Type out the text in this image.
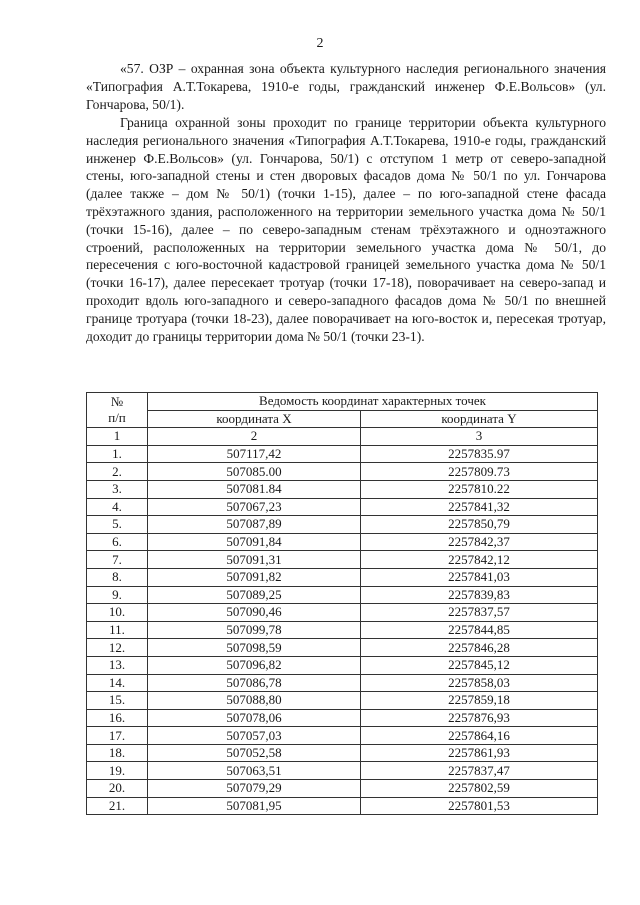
2

«57. ОЗР – охранная зона объекта культурного наследия регионального значения «Типография А.Т.Токарева, 1910-е годы, гражданский инженер Ф.Е.Вольсов» (ул. Гончарова, 50/1).

Граница охранной зоны проходит по границе территории объекта культурного наследия регионального значения «Типография А.Т.Токарева, 1910-е годы, гражданский инженер Ф.Е.Вольсов» (ул. Гончарова, 50/1) с отступом 1 метр от северо-западной стены, юго-западной стены и стен дворовых фасадов дома № 50/1 по ул. Гончарова (далее также – дом № 50/1) (точки 1-15), далее – по юго-западной стене фасада трёхэтажного здания, расположенного на территории земельного участка дома № 50/1 (точки 15-16), далее – по северо-западным стенам трёхэтажного и одноэтажного строений, расположенных на территории земельного участка дома № 50/1, до пересечения с юго-восточной кадастровой границей земельного участка дома № 50/1 (точки 16-17), далее пересекает тротуар (точки 17-18), поворачивает на северо-запад и проходит вдоль юго-западного и северо-западного фасадов дома № 50/1 по внешней границе тротуара (точки 18-23), далее поворачивает на юго-восток и, пересекая тротуар, доходит до границы территории дома № 50/1 (точки 23-1).

№
п/п	Ведомость координат характерных точек	
	координата X	координата Y
1	2	3
1.	507117,42	2257835.97
2.	507085.00	2257809.73
3.	507081.84	2257810.22
4.	507067,23	2257841,32
5.	507087,89	2257850,79
6.	507091,84	2257842,37
7.	507091,31	2257842,12
8.	507091,82	2257841,03
9.	507089,25	2257839,83
10.	507090,46	2257837,57
11.	507099,78	2257844,85
12.	507098,59	2257846,28
13.	507096,82	2257845,12
14.	507086,78	2257858,03
15.	507088,80	2257859,18
16.	507078,06	2257876,93
17.	507057,03	2257864,16
18.	507052,58	2257861,93
19.	507063,51	2257837,47
20.	507079,29	2257802,59
21.	507081,95	2257801,53
